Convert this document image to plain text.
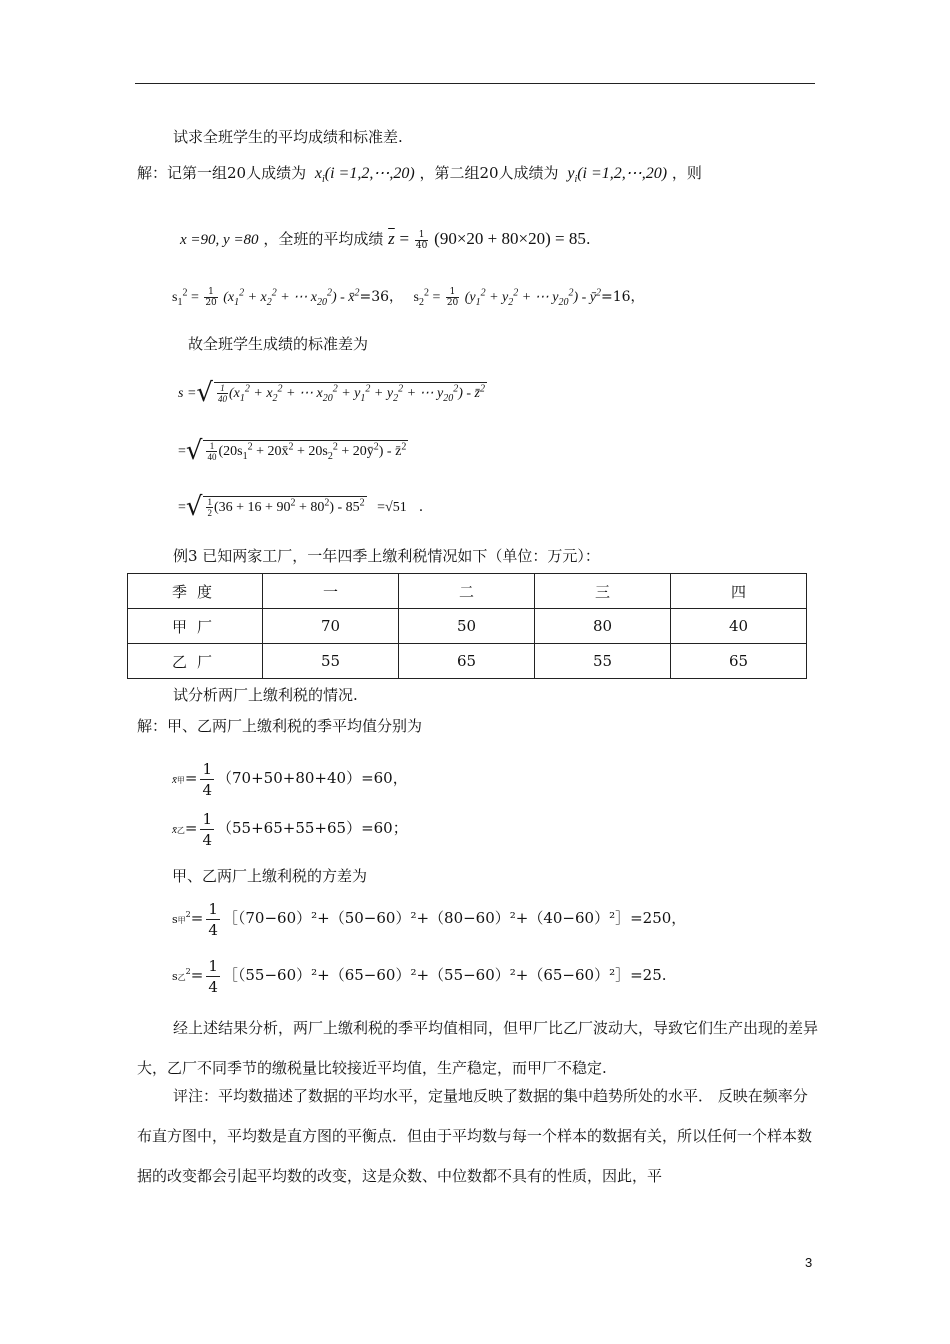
试求全班学生的平均成绩和标准差.
解：记第一组20人成绩为 $x_i(i$ =1,2,⋯,20) ，第二组20人成绩为 $y_i(i$ =1,2,⋯,20) ，则
x =90, y =80 ，全班的平均成绩 $\overline{z} = \frac{1}{40} (90\times 20 + 80\times 20) = 85$.
$s_1^2 = \frac{1}{20} (x_1^2 + x_2^2$ + ⋯ $x_{20}^2$) - x̄$^2$=36， $s_2^2 = \frac{1}{20} (y_1^2 + y_2^2$ + ⋯ $y_{20}^2$) - $ȳ^2=16$，
故全班学生成绩的标准差为
s =√ $\frac{1}{40} (x_1^2 + x_2^2$ + ⋯ $x_{20}^2 + y_1^2 + y_2^2$ + ⋯ $y_{20}^2$) - z̄$^2$
=√ $\frac{1}{40} (20s_1^2$ + 20x̄$^2$ + $20s_2^2$ + $20ȳ^2$) - z̄$^2$
=√ $\frac{1}{2} (36 + 16 + 90^2 + 80^2) - 85^2 =√51$ .
例3 已知两家工厂，一年四季上缴利税情况如下（单位：万元）：
季度	一	二	三	四
甲厂	70	50	80	40
乙厂	55	65	55	65
试分析两厂上缴利税的情况.
解：甲、乙两厂上缴利税的季平均值分别为
x̄甲= $\frac{1}{4} (70+50+80+40)=60$，
x̄乙= $\frac{1}{4} (55+65+55+65)=60$；
甲、乙两厂上缴利税的方差为
s甲$^2= \frac{1}{4}$ ［（70−60）²+（50−60）²+（80−60）²+（40−60）²］=250，
s乙$^2= \frac{1}{4}$ ［（55−60）²+（65−60）²+（55−60）²+（65−60）²］=25.
经上述结果分析，两厂上缴利税的季平均值相同，但甲厂比乙厂波动大，导致它们生产出现的差异大，乙厂不同季节的缴税量比较接近平均值，生产稳定，而甲厂不稳定.
评注：平均数描述了数据的平均水平，定量地反映了数据的集中趋势所处的水平． 反映在频率分布直方图中，平均数是直方图的平衡点．但由于平均数与每一个样本的数据有关，所以任何一个样本数据的改变都会引起平均数的改变，这是众数、中位数都不具有的性质，因此，平
3
